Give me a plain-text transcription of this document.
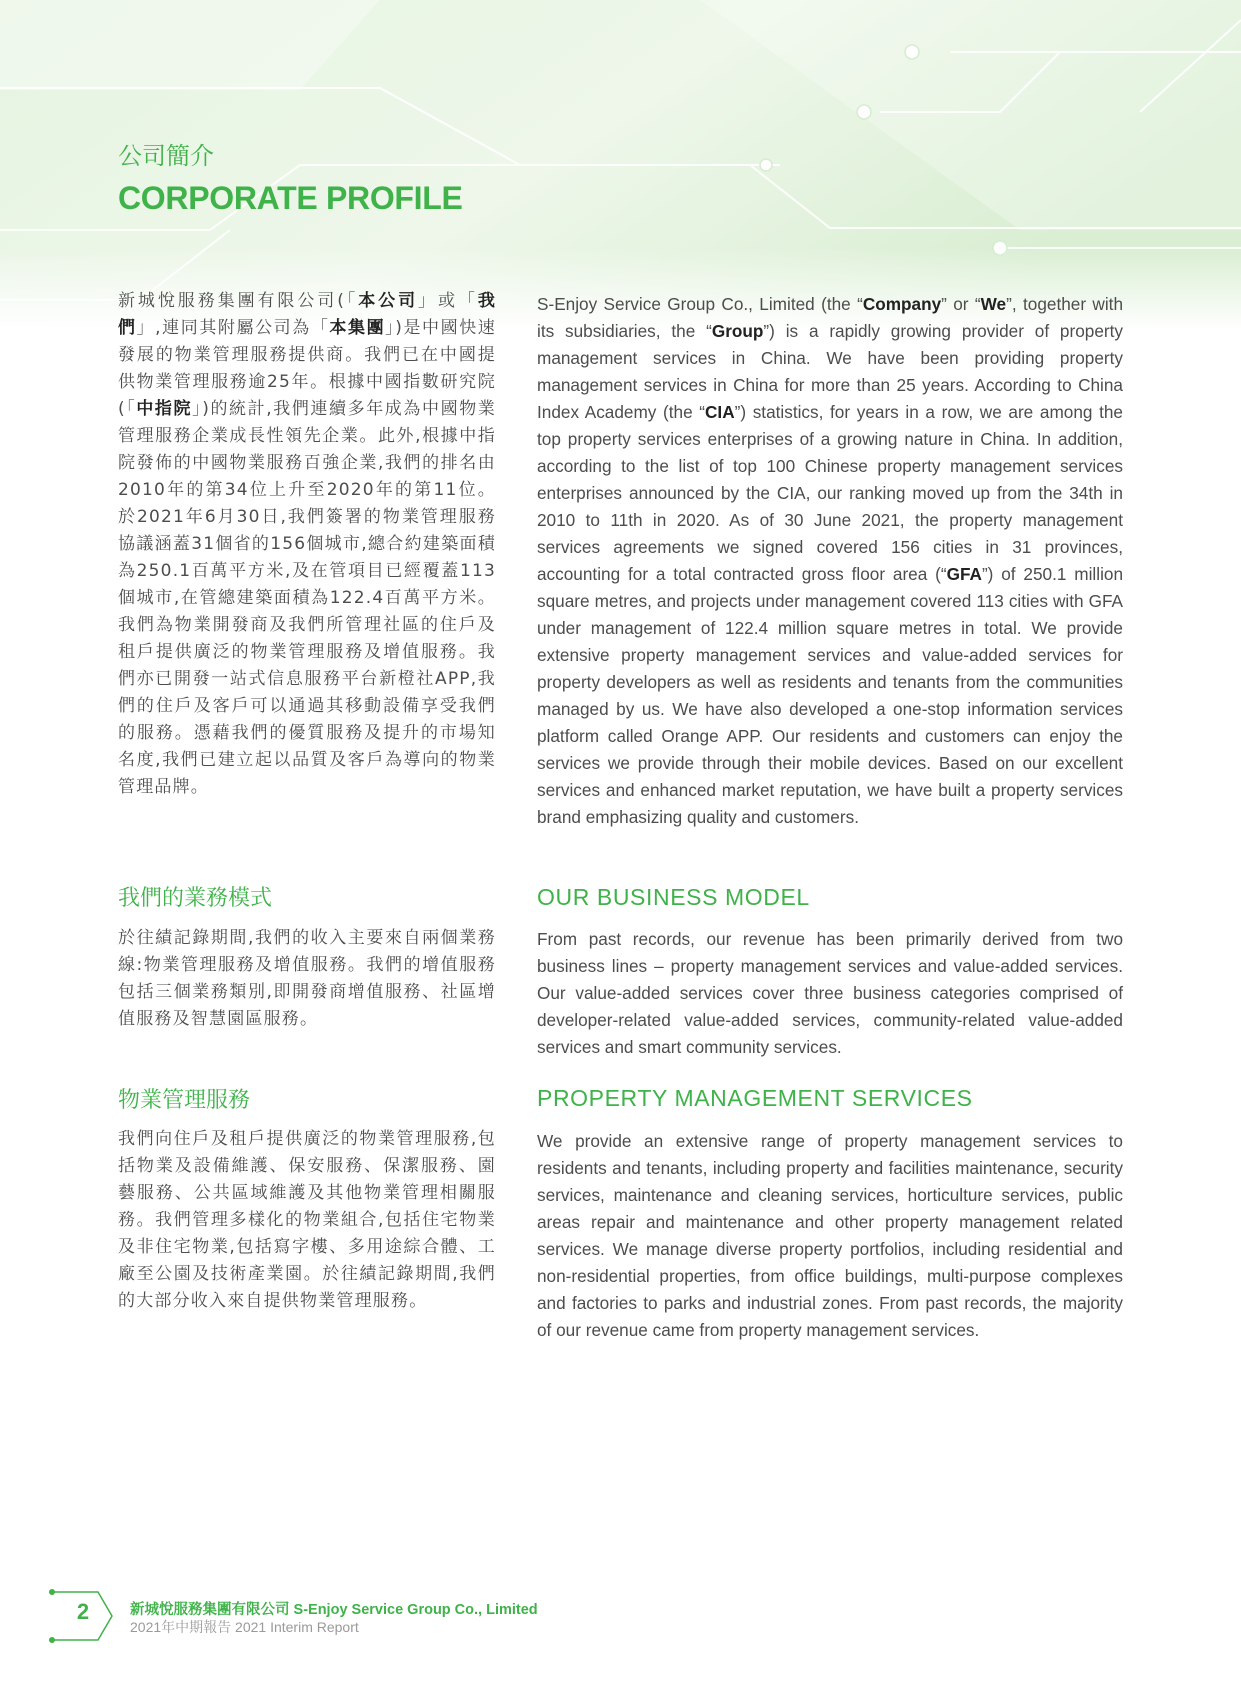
公司簡介
CORPORATE PROFILE

新城悅服務集團有限公司(「本公司」或「我們」,連同其附屬公司為「本集團」)是中國快速發展的物業管理服務提供商。我們已在中國提供物業管理服務逾25年。根據中國指數研究院(「中指院」)的統計,我們連續多年成為中國物業管理服務企業成長性領先企業。此外,根據中指院發佈的中國物業服務百強企業,我們的排名由2010年的第34位上升至2020年的第11位。於2021年6月30日,我們簽署的物業管理服務協議涵蓋31個省的156個城市,總合約建築面積為250.1百萬平方米,及在管項目已經覆蓋113個城市,在管總建築面積為122.4百萬平方米。我們為物業開發商及我們所管理社區的住戶及租戶提供廣泛的物業管理服務及增值服務。我們亦已開發一站式信息服務平台新橙社APP,我們的住戶及客戶可以通過其移動設備享受我們的服務。憑藉我們的優質服務及提升的市場知名度,我們已建立起以品質及客戶為導向的物業管理品牌。

S-Enjoy Service Group Co., Limited (the “Company” or “We”, together with its subsidiaries, the “Group”) is a rapidly growing provider of property management services in China. We have been providing property management services in China for more than 25 years. According to China Index Academy (the “CIA”) statistics, for years in a row, we are among the top property services enterprises of a growing nature in China. In addition, according to the list of top 100 Chinese property management services enterprises announced by the CIA, our ranking moved up from the 34th in 2010 to 11th in 2020. As of 30 June 2021, the property management services agreements we signed covered 156 cities in 31 provinces, accounting for a total contracted gross floor area (“GFA”) of 250.1 million square metres, and projects under management covered 113 cities with GFA under management of 122.4 million square metres in total. We provide extensive property management services and value-added services for property developers as well as residents and tenants from the communities managed by us. We have also developed a one-stop information services platform called Orange APP. Our residents and customers can enjoy the services we provide through their mobile devices. Based on our excellent services and enhanced market reputation, we have built a property services brand emphasizing quality and customers.

我們的業務模式	OUR BUSINESS MODEL

於往績記錄期間,我們的收入主要來自兩個業務線:物業管理服務及增值服務。我們的增值服務包括三個業務類別,即開發商增值服務、社區增值服務及智慧園區服務。

From past records, our revenue has been primarily derived from two business lines – property management services and value-added services. Our value-added services cover three business categories comprised of developer-related value-added services, community-related value-added services and smart community services.

物業管理服務	PROPERTY MANAGEMENT SERVICES

我們向住戶及租戶提供廣泛的物業管理服務,包括物業及設備維護、保安服務、保潔服務、園藝服務、公共區域維護及其他物業管理相關服務。我們管理多樣化的物業組合,包括住宅物業及非住宅物業,包括寫字樓、多用途綜合體、工廠至公園及技術產業園。於往績記錄期間,我們的大部分收入來自提供物業管理服務。

We provide an extensive range of property management services to residents and tenants, including property and facilities maintenance, security services, maintenance and cleaning services, horticulture services, public areas repair and maintenance and other property management related services. We manage diverse property portfolios, including residential and non-residential properties, from office buildings, multi-purpose complexes and factories to parks and industrial zones. From past records, the majority of our revenue came from property management services.

2	新城悅服務集團有限公司 S-Enjoy Service Group Co., Limited
2021年中期報告 2021 Interim Report
